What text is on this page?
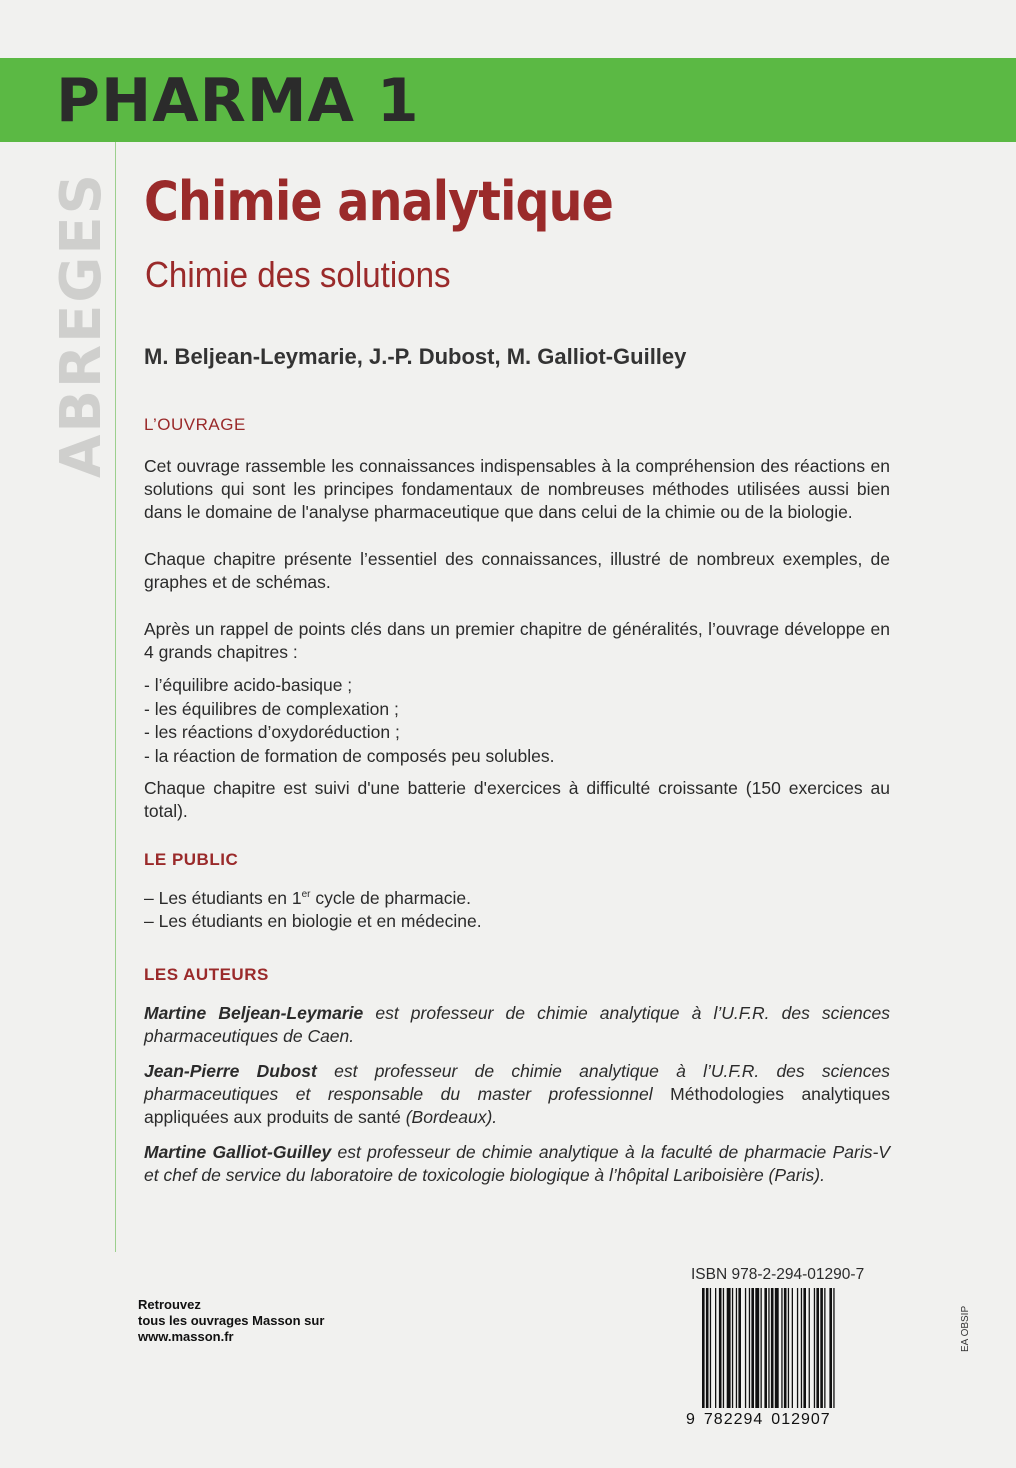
PHARMA 1
ABREGES Chimie analytique
Chimie des solutions

M. Beljean-Leymarie, J.-P. Dubost, M. Galliot-Guilley

L’OUVRAGE

Cet ouvrage rassemble les connaissances indispensables à la compréhension des réactions en solutions qui sont les principes fondamentaux de nombreuses méthodes utilisées aussi bien dans le domaine de l'analyse pharmaceutique que dans celui de la chimie ou de la biologie.

Chaque chapitre présente l’essentiel des connaissances, illustré de nombreux exemples, de graphes et de schémas.

Après un rappel de points clés dans un premier chapitre de généralités, l’ouvrage développe en 4 grands chapitres :

- l’équilibre acido-basique ;
- les équilibres de complexation ;
- les réactions d’oxydoréduction ;
- la réaction de formation de composés peu solubles.

Chaque chapitre est suivi d'une batterie d'exercices à difficulté croissante (150 exercices au total).

LE PUBLIC
– Les étudiants en 1er cycle de pharmacie.
– Les étudiants en biologie et en médecine.
LES AUTEURS

Martine Beljean-Leymarie est professeur de chimie analytique à l’U.F.R. des sciences pharmaceutiques de Caen.

Jean-Pierre Dubost est professeur de chimie analytique à l’U.F.R. des sciences pharmaceutiques et responsable du master professionnel Méthodologies analytiques appliquées aux produits de santé (Bordeaux).

Martine Galliot-Guilley est professeur de chimie analytique à la faculté de pharmacie Paris-V et chef de service du laboratoire de toxicologie biologique à l’hôpital Lariboisière (Paris).

ISBN 978-2-294-01290-7

9 782294 012907

Retrouvez
tous les ouvrages Masson sur
www.masson.fr	EA OBSIP
